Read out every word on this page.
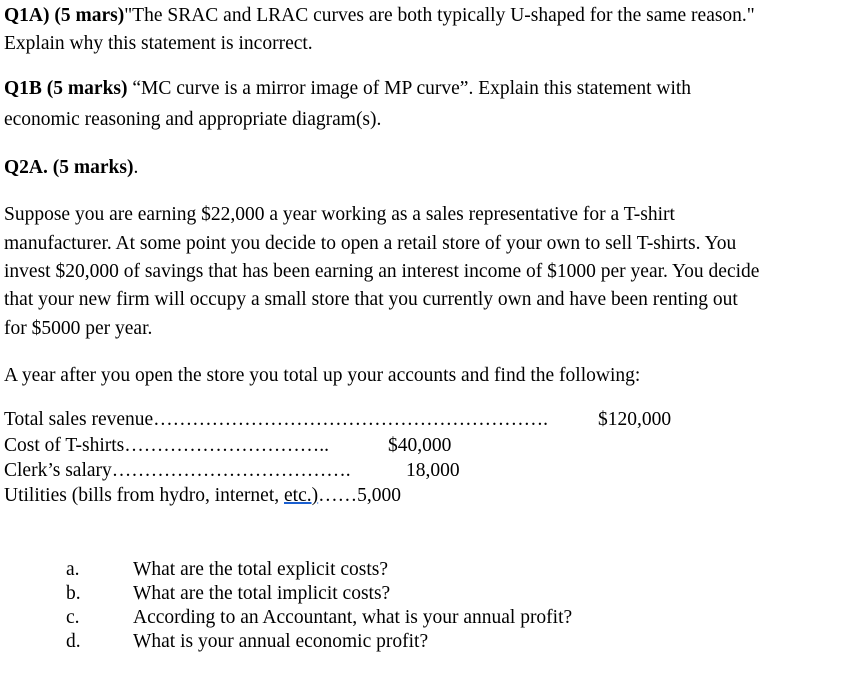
Q1A) (5 mars)"The SRAC and LRAC curves are both typically U-shaped for the same reason."
Explain why this statement is incorrect.
Q1B (5 marks) “MC curve is a mirror image of MP curve”. Explain this statement with
economic reasoning and appropriate diagram(s).
Q2A. (5 marks).
Suppose you are earning $22,000 a year working as a sales representative for a T-shirt
manufacturer. At some point you decide to open a retail store of your own to sell T-shirts. You
invest $20,000 of savings that has been earning an interest income of $1000 per year. You decide
that your new firm will occupy a small store that you currently own and have been renting out
for $5000 per year.
A year after you open the store you total up your accounts and find the following:
Total sales revenue…………………………………………………….	$120,000
Cost of T-shirts…………………………..	$40,000
Clerk’s salary……………………………….	18,000
Utilities (bills from hydro, internet, etc.)……5,000
a.	What are the total explicit costs?
b.	What are the total implicit costs?
c.	According to an Accountant, what is your annual profit?
d.	What is your annual economic profit?
